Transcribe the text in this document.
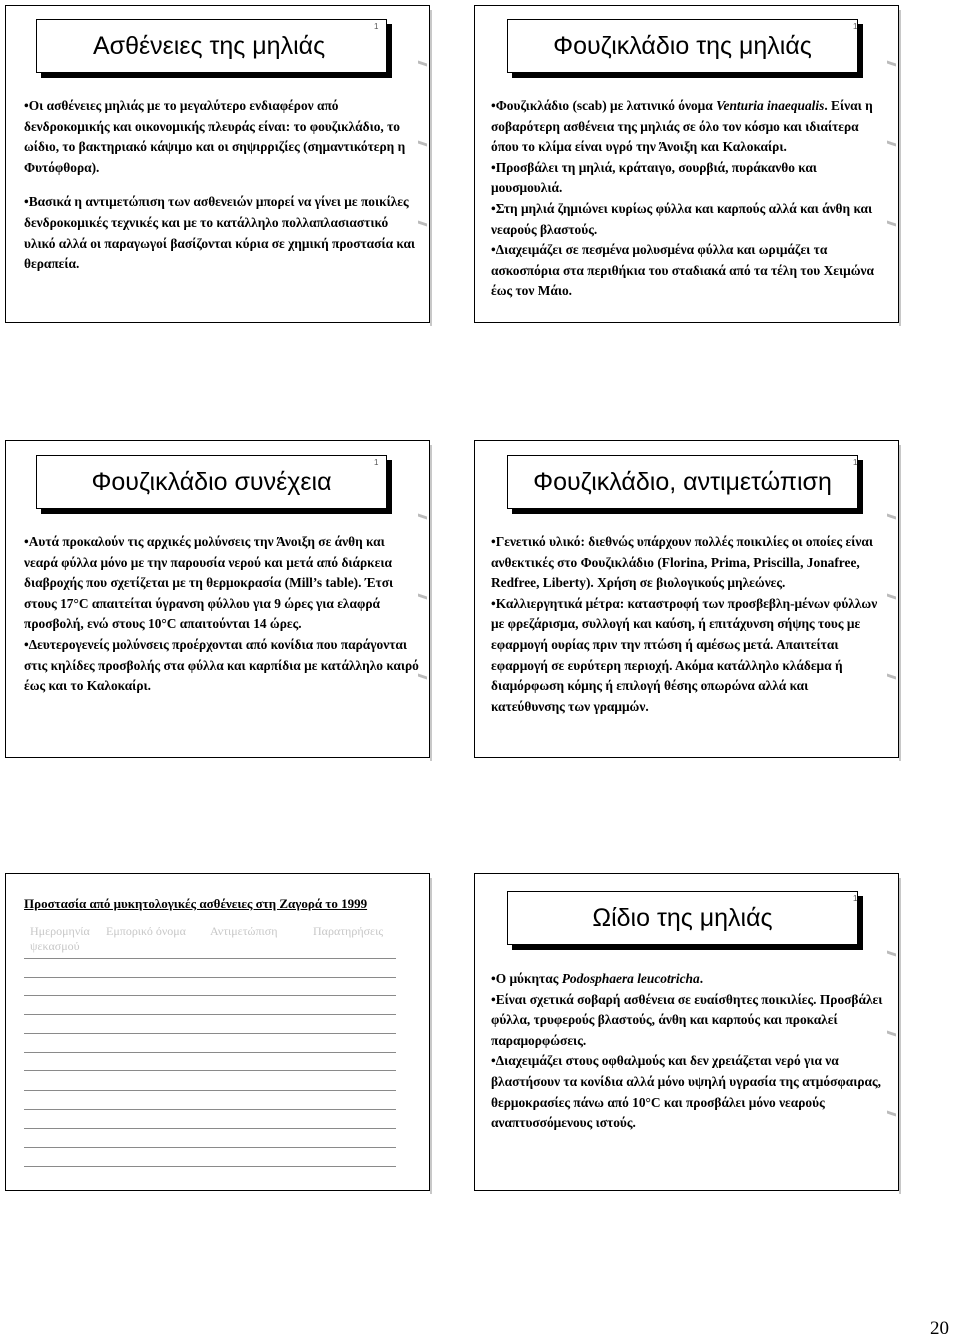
Ασθένειες της μηλιάς
1

• Οι ασθένειες μηλιάς με το μεγαλύτερο ενδιαφέρον από δενδροκομικής και οικονομικής πλευράς είναι: το φουζικλάδιο, το ωίδιο, το βακτηριακό κάψιμο και οι σηψιρριζίες (σημαντικότερη η Φυτόφθορα).

• Βασικά η αντιμετώπιση των ασθενειών μπορεί να γίνει με ποικίλες δενδροκομικές τεχνικές και με το κατάλληλο πολλαπλασιαστικό υλικό αλλά οι παραγωγοί βασίζονται κύρια σε χημική προστασία και θεραπεία.

Φουζικλάδιο της μηλιάς
1

• Φουζικλάδιο (scab) με λατινικό όνομα Venturia inaequalis. Είναι η σοβαρότερη ασθένεια της μηλιάς σε όλο τον κόσμο και ιδιαίτερα όπου το κλίμα είναι υγρό την Άνοιξη και Καλοκαίρι.

• Προσβάλει τη μηλιά, κράταιγο, σουρβιά, πυράκανθο και μουσμουλιά.

• Στη μηλιά ζημιώνει κυρίως φύλλα και καρπούς αλλά και άνθη και νεαρούς βλαστούς.

• Διαχειμάζει σε πεσμένα μολυσμένα φύλλα και ωριμάζει τα ασκοσπόρια στα περιθήκια του σταδιακά από τα τέλη του Χειμώνα έως τον Μάιο.

Φουζικλάδιο συνέχεια
1

• Αυτά προκαλούν τις αρχικές μολύνσεις την Άνοιξη σε άνθη και νεαρά φύλλα μόνο με την παρουσία νερού και μετά από διάρκεια διαβροχής που σχετίζεται με τη θερμοκρασία (Mill’s table). Έτσι στους 17°C απαιτείται ύγρανση φύλλου για 9 ώρες για ελαφρά προσβολή, ενώ στους 10°C απαιτούνται 14 ώρες.

• Δευτερογενείς μολύνσεις προέρχονται από κονίδια που παράγονται στις κηλίδες προσβολής στα φύλλα και καρπίδια με κατάλληλο καιρό έως και το Καλοκαίρι.

Φουζικλάδιο, αντιμετώπιση
1

• Γενετικό υλικό: διεθνώς υπάρχουν πολλές ποικιλίες οι οποίες είναι ανθεκτικές στο Φουζικλάδιο (Florina, Prima, Priscilla, Jonafree, Redfree, Liberty). Χρήση σε βιολογικούς μηλεώνες.

• Καλλιεργητικά μέτρα: καταστροφή των προσβεβλη-μένων φύλλων με φρεζάρισμα, συλλογή και καύση, ή επιτάχυνση σήψης τους με εφαρμογή ουρίας πριν την πτώση ή αμέσως μετά. Απαιτείται εφαρμογή σε ευρύτερη περιοχή. Ακόμα κατάλληλο κλάδεμα ή διαμόρφωση κόμης ή επιλογή θέσης οπωρώνα αλλά και κατεύθυνσης των γραμμών.

Προστασία από μυκητολογικές ασθένειες στη Ζαγορά το 1999
Ημερομηνία ψεκασμού
Εμπορικό όνομα Αντιμετώπιση	Παρατηρήσεις	Ωίδιο της μηλιάς
1

• Ο μύκητας Podosphaera leucotricha.

• Είναι σχετικά σοβαρή ασθένεια σε ευαίσθητες ποικιλίες. Προσβάλει φύλλα, τρυφερούς βλαστούς, άνθη και καρπούς και προκαλεί παραμορφώσεις.

• Διαχειμάζει στους οφθαλμούς και δεν χρειάζεται νερό για να βλαστήσουν τα κονίδια αλλά μόνο υψηλή υγρασία της ατμόσφαιρας, θερμοκρασίες πάνω από 10°C και προσβάλει μόνο νεαρούς αναπτυσσόμενους ιστούς.

20
